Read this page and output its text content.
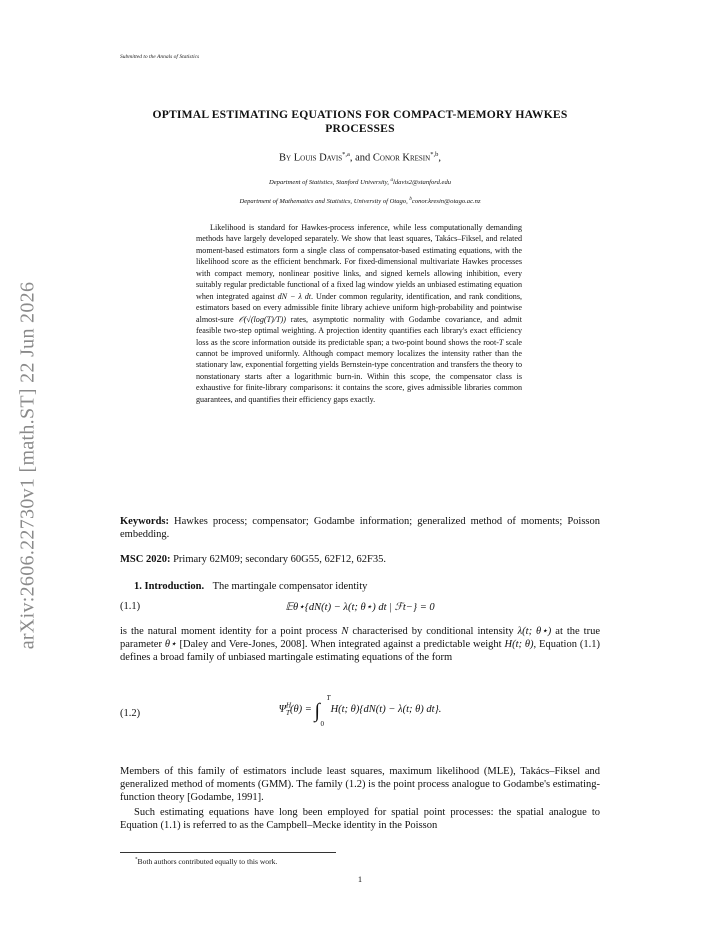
arXiv:2606.22730v1 [math.ST] 22 Jun 2026
Submitted to the Annals of Statistics
OPTIMAL ESTIMATING EQUATIONS FOR COMPACT-MEMORY HAWKES
PROCESSES
By Louis Davis$^{*,a}$, and Conor Kresin$^{*,b}$,
Department of Statistics, Stanford University, $^a$ldavis2@stanford.edu
Department of Mathematics and Statistics, University of Otago, $^b$conor.kresin@otago.ac.nz
Likelihood is standard for Hawkes-process inference, while less computationally demanding methods have largely developed separately. We show that least squares, Takács–Fiksel, and related moment-based estimators form a single class of compensator-based estimating equations, with the likelihood score as the efficient benchmark. For fixed-dimensional multivariate Hawkes processes with compact memory, nonlinear positive links, and signed kernels allowing inhibition, every suitably regular predictable functional of a fixed lag window yields an unbiased estimating equation when integrated against dN − λ dt. Under common regularity, identification, and rank conditions, estimators based on every admissible finite library achieve uniform high-probability and pointwise almost-sure 𝒪(√(log(T)/T)) rates, asymptotic normality with Godambe covariance, and admit feasible two-step optimal weighting. A projection identity quantifies each library's exact efficiency loss as the score information outside its predictable span; a two-point bound shows the root-T scale cannot be improved uniformly. Although compact memory localizes the intensity rather than the stationary law, exponential forgetting yields Bernstein-type concentration and transfers the theory to nonstationary starts after a logarithmic burn-in. Within this scope, the compensator class is exhaustive for finite-library comparisons: it contains the score, gives admissible libraries common guarantees, and quantifies their efficiency gaps exactly.
Keywords: Hawkes process; compensator; Godambe information; generalized method of moments; Poisson embedding.
MSC 2020: Primary 62M09; secondary 60G55, 62F12, 62F35.
1. Introduction. The martingale compensator identity
(1.1)	𝔼θ⋆{dN(t) − λ(t; θ⋆) dt | ℱt−} = 0
is the natural moment identity for a point process N characterised by conditional intensity λ(t; θ⋆) at the true parameter θ⋆ [Daley and Vere-Jones, 2008]. When integrated against a predictable weight H(t; θ), Equation (1.1) defines a broad family of unbiased martingale estimating equations of the form
(1.2)	$\Psi^H_T(\theta)$ = ∫
T
0
H(t; θ){dN(t) − λ(t; θ) dt}.
Members of this family of estimators include least squares, maximum likelihood (MLE), Takács–Fiksel and generalized method of moments (GMM). The family (1.2) is the point process analogue to Godambe's estimating-function theory [Godambe, 1991].
Such estimating equations have long been employed for spatial point processes: the spatial analogue to Equation (1.1) is referred to as the Campbell–Mecke identity in the Poisson
*Both authors contributed equally to this work.
1
